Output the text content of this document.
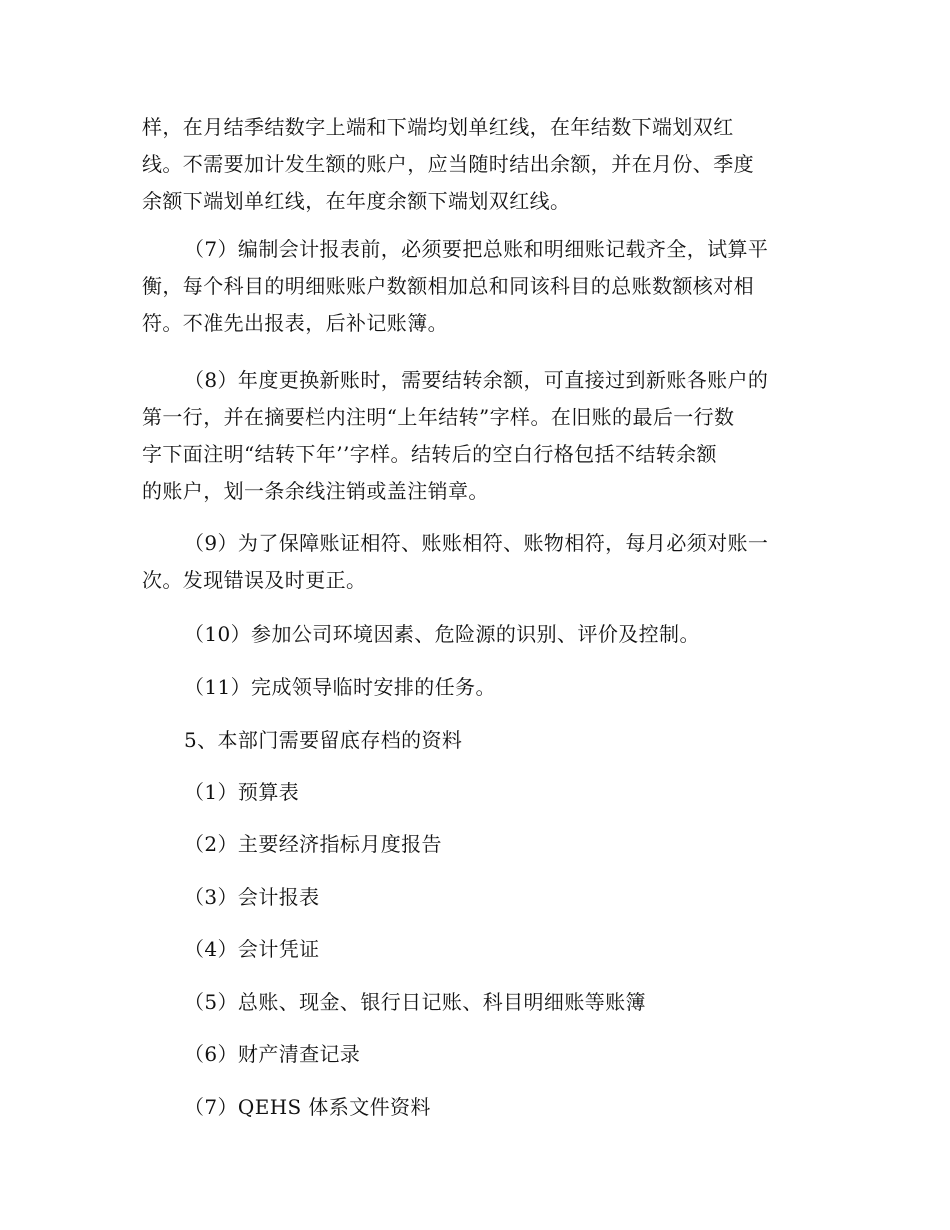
样，在月结季结数字上端和下端均划单红线，在年结数下端划双红
线。不需要加计发生额的账户，应当随时结出余额，并在月份、季度
余额下端划单红线，在年度余额下端划双红线。
（7）编制会计报表前，必须要把总账和明细账记载齐全，试算平
衡，每个科目的明细账账户数额相加总和同该科目的总账数额核对相
符。不准先出报表，后补记账簿。
（8）年度更换新账时，需要结转余额，可直接过到新账各账户的
第一行，并在摘要栏内注明“上年结转”字样。在旧账的最后一行数
字下面注明“结转下年’’字样。结转后的空白行格包括不结转余额
的账户，划一条余线注销或盖注销章。
（9）为了保障账证相符、账账相符、账物相符，每月必须对账一
次。发现错误及时更正。
（10）参加公司环境因素、危险源的识别、评价及控制。
（11）完成领导临时安排的任务。
5、本部门需要留底存档的资料
（1）预算表
（2）主要经济指标月度报告
（3）会计报表
（4）会计凭证
（5）总账、现金、银行日记账、科目明细账等账簿
（6）财产清查记录
（7）QEHS 体系文件资料
